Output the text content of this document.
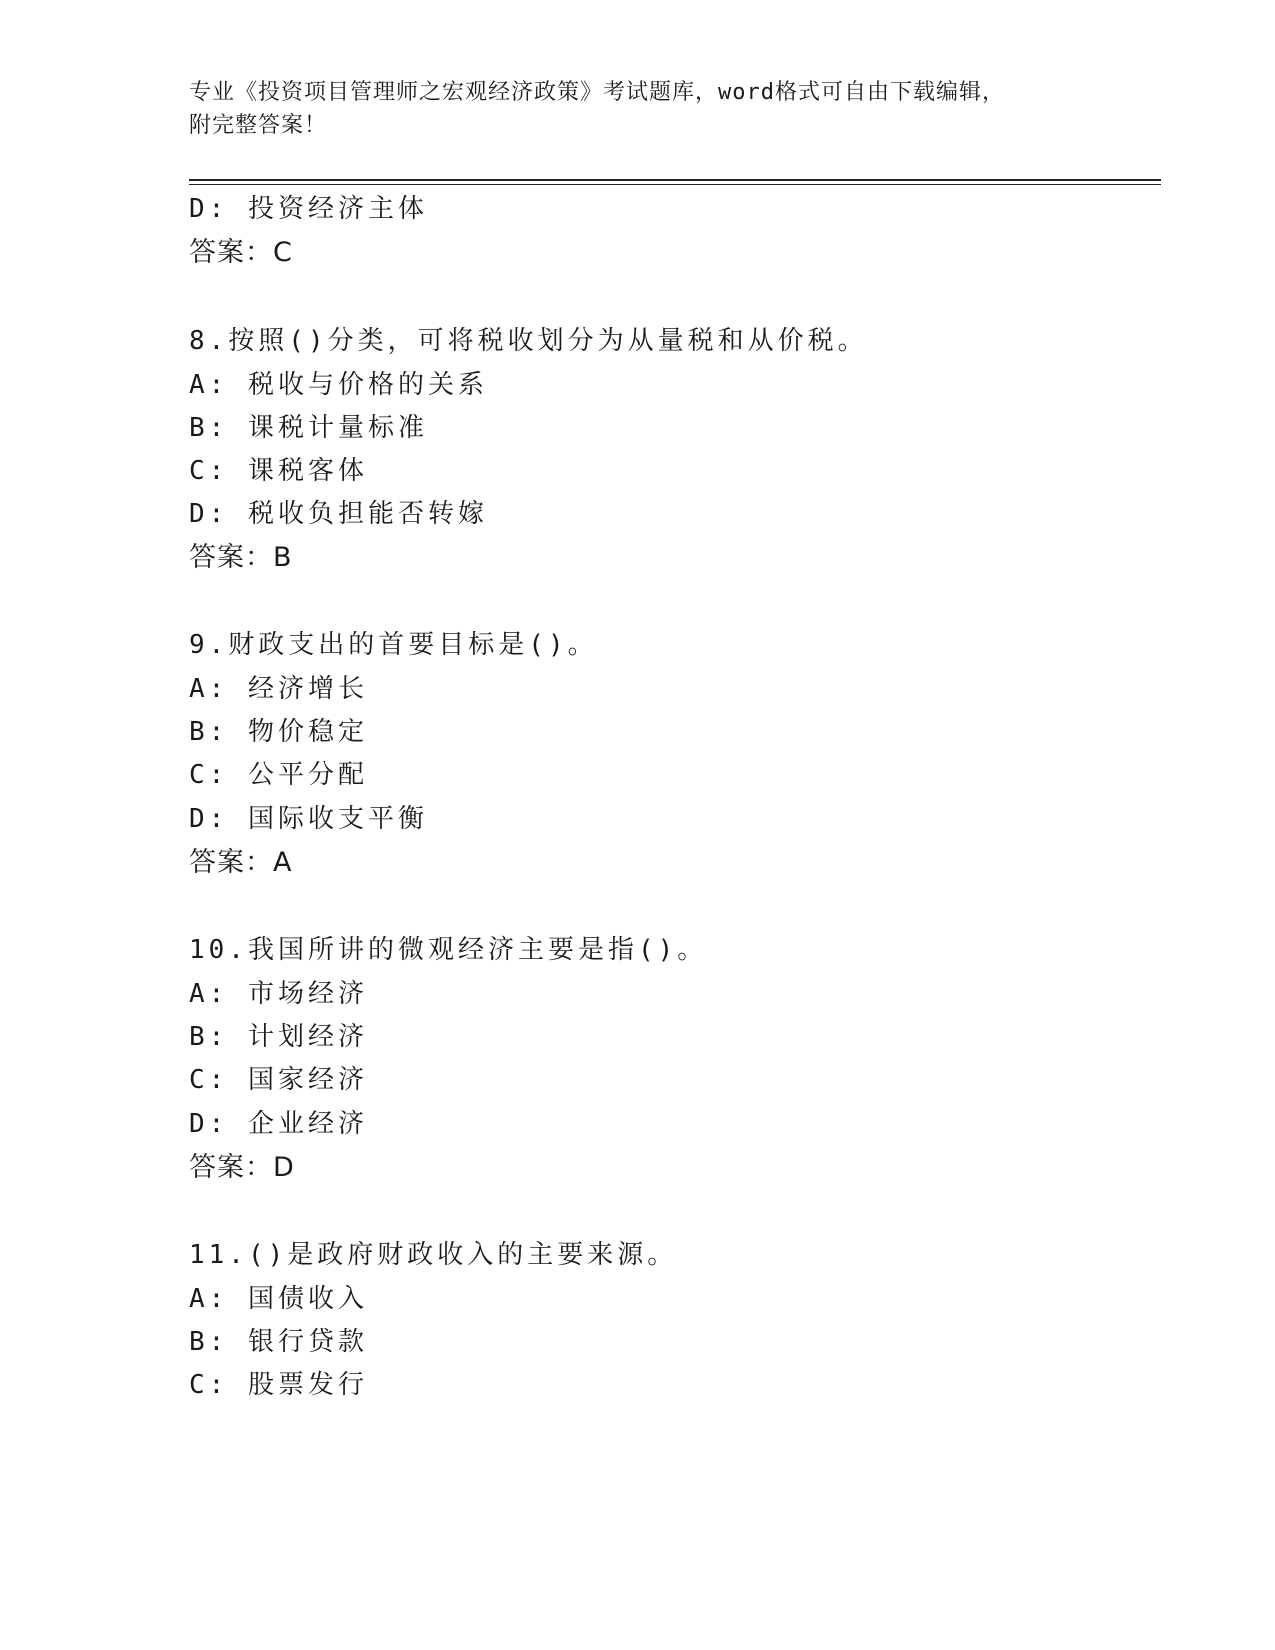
专业《投资项目管理师之宏观经济政策》考试题库，word格式可自由下载编辑，
附完整答案！
D: 投资经济主体
答案：C
8.按照()分类，可将税收划分为从量税和从价税。
A: 税收与价格的关系
B: 课税计量标准
C: 课税客体
D: 税收负担能否转嫁
答案：B
9.财政支出的首要目标是()。
A: 经济增长
B: 物价稳定
C: 公平分配
D: 国际收支平衡
答案：A
10.我国所讲的微观经济主要是指()。
A: 市场经济
B: 计划经济
C: 国家经济
D: 企业经济
答案：D
11.()是政府财政收入的主要来源。
A: 国债收入
B: 银行贷款
C: 股票发行
